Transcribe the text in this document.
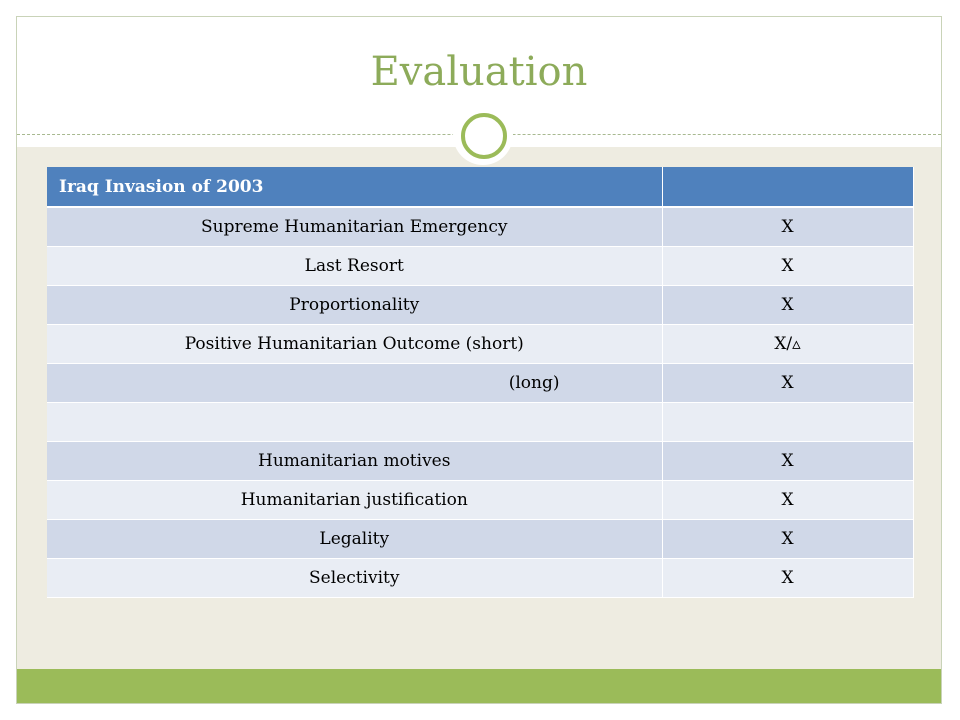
Evaluation
Iraq Invasion of 2003	
Supreme Humanitarian Emergency	X
Last Resort	X
Proportionality	X
Positive Humanitarian Outcome (short)	X/▵
(long)	X

Humanitarian motives	X
Humanitarian justification	X
Legality	X
Selectivity	X
